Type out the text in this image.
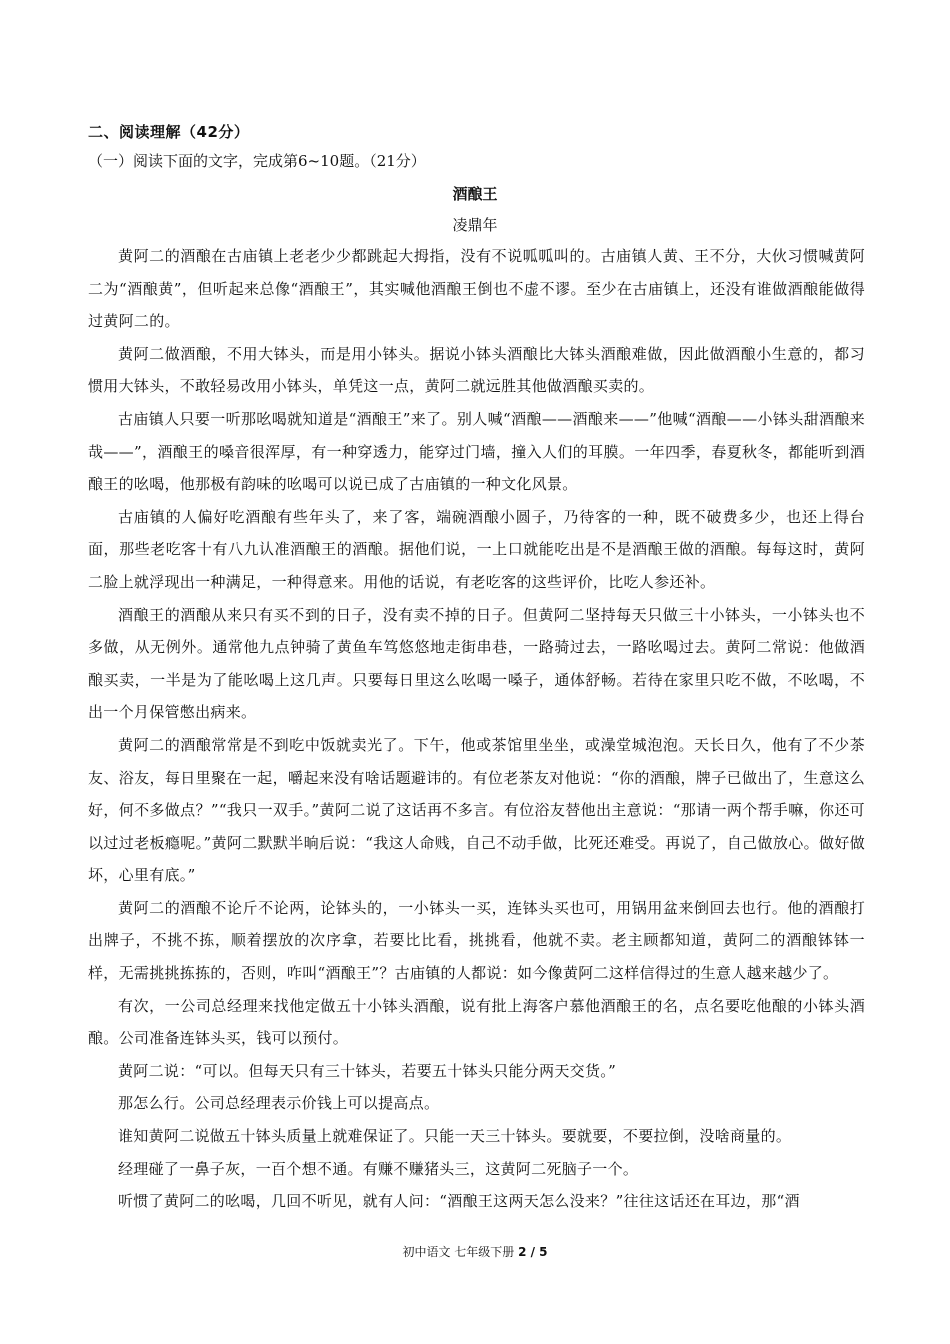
二、阅读理解（42分）
（一）阅读下面的文字，完成第6~10题。（21分）
酒酿王
凌鼎年

黄阿二的酒酿在古庙镇上老老少少都跳起大拇指，没有不说呱呱叫的。古庙镇人黄、王不分，大伙习惯喊黄阿二为“酒酿黄”，但听起来总像“酒酿王”，其实喊他酒酿王倒也不虚不谬。至少在古庙镇上，还没有谁做酒酿能做得过黄阿二的。

黄阿二做酒酿，不用大钵头，而是用小钵头。据说小钵头酒酿比大钵头酒酿难做，因此做酒酿小生意的，都习惯用大钵头，不敢轻易改用小钵头，单凭这一点，黄阿二就远胜其他做酒酿买卖的。

古庙镇人只要一听那吆喝就知道是“酒酿王”来了。别人喊“酒酿——酒酿来——”他喊“酒酿——小钵头甜酒酿来哉——”，酒酿王的嗓音很浑厚，有一种穿透力，能穿过门墙，撞入人们的耳膜。一年四季，春夏秋冬，都能听到酒酿王的吆喝，他那极有韵味的吆喝可以说已成了古庙镇的一种文化风景。

古庙镇的人偏好吃酒酿有些年头了，来了客，端碗酒酿小圆子，乃待客的一种，既不破费多少，也还上得台面，那些老吃客十有八九认准酒酿王的酒酿。据他们说，一上口就能吃出是不是酒酿王做的酒酿。每每这时，黄阿二脸上就浮现出一种满足，一种得意来。用他的话说，有老吃客的这些评价，比吃人参还补。

酒酿王的酒酿从来只有买不到的日子，没有卖不掉的日子。但黄阿二坚持每天只做三十小钵头，一小钵头也不多做，从无例外。通常他九点钟骑了黄鱼车笃悠悠地走街串巷，一路骑过去，一路吆喝过去。黄阿二常说：他做酒酿买卖，一半是为了能吆喝上这几声。只要每日里这么吆喝一嗓子，通体舒畅。若待在家里只吃不做，不吆喝，不出一个月保管憋出病来。

黄阿二的酒酿常常是不到吃中饭就卖光了。下午，他或茶馆里坐坐，或澡堂城泡泡。天长日久，他有了不少茶友、浴友，每日里聚在一起，嚼起来没有啥话题避讳的。有位老茶友对他说：“你的酒酿，牌子已做出了，生意这么好，何不多做点？”“我只一双手。”黄阿二说了这话再不多言。有位浴友替他出主意说：“那请一两个帮手嘛，你还可以过过老板瘾呢。”黄阿二默默半晌后说：“我这人命贱，自己不动手做，比死还难受。再说了，自己做放心。做好做坏，心里有底。”

黄阿二的酒酿不论斤不论两，论钵头的，一小钵头一买，连钵头买也可，用锅用盆来倒回去也行。他的酒酿打出牌子，不挑不拣，顺着摆放的次序拿，若要比比看，挑挑看，他就不卖。老主顾都知道，黄阿二的酒酿钵钵一样，无需挑挑拣拣的，否则，咋叫“酒酿王”？古庙镇的人都说：如今像黄阿二这样信得过的生意人越来越少了。

有次，一公司总经理来找他定做五十小钵头酒酿，说有批上海客户慕他酒酿王的名，点名要吃他酿的小钵头酒酿。公司准备连钵头买，钱可以预付。

黄阿二说：“可以。但每天只有三十钵头，若要五十钵头只能分两天交货。”

那怎么行。公司总经理表示价钱上可以提高点。

谁知黄阿二说做五十钵头质量上就难保证了。只能一天三十钵头。要就要，不要拉倒，没啥商量的。

经理碰了一鼻子灰，一百个想不通。有赚不赚猪头三，这黄阿二死脑子一个。

听惯了黄阿二的吆喝，几回不听见，就有人问：“酒酿王这两天怎么没来？”往往这话还在耳边，那“酒

初中语文 七年级下册 2 / 5
